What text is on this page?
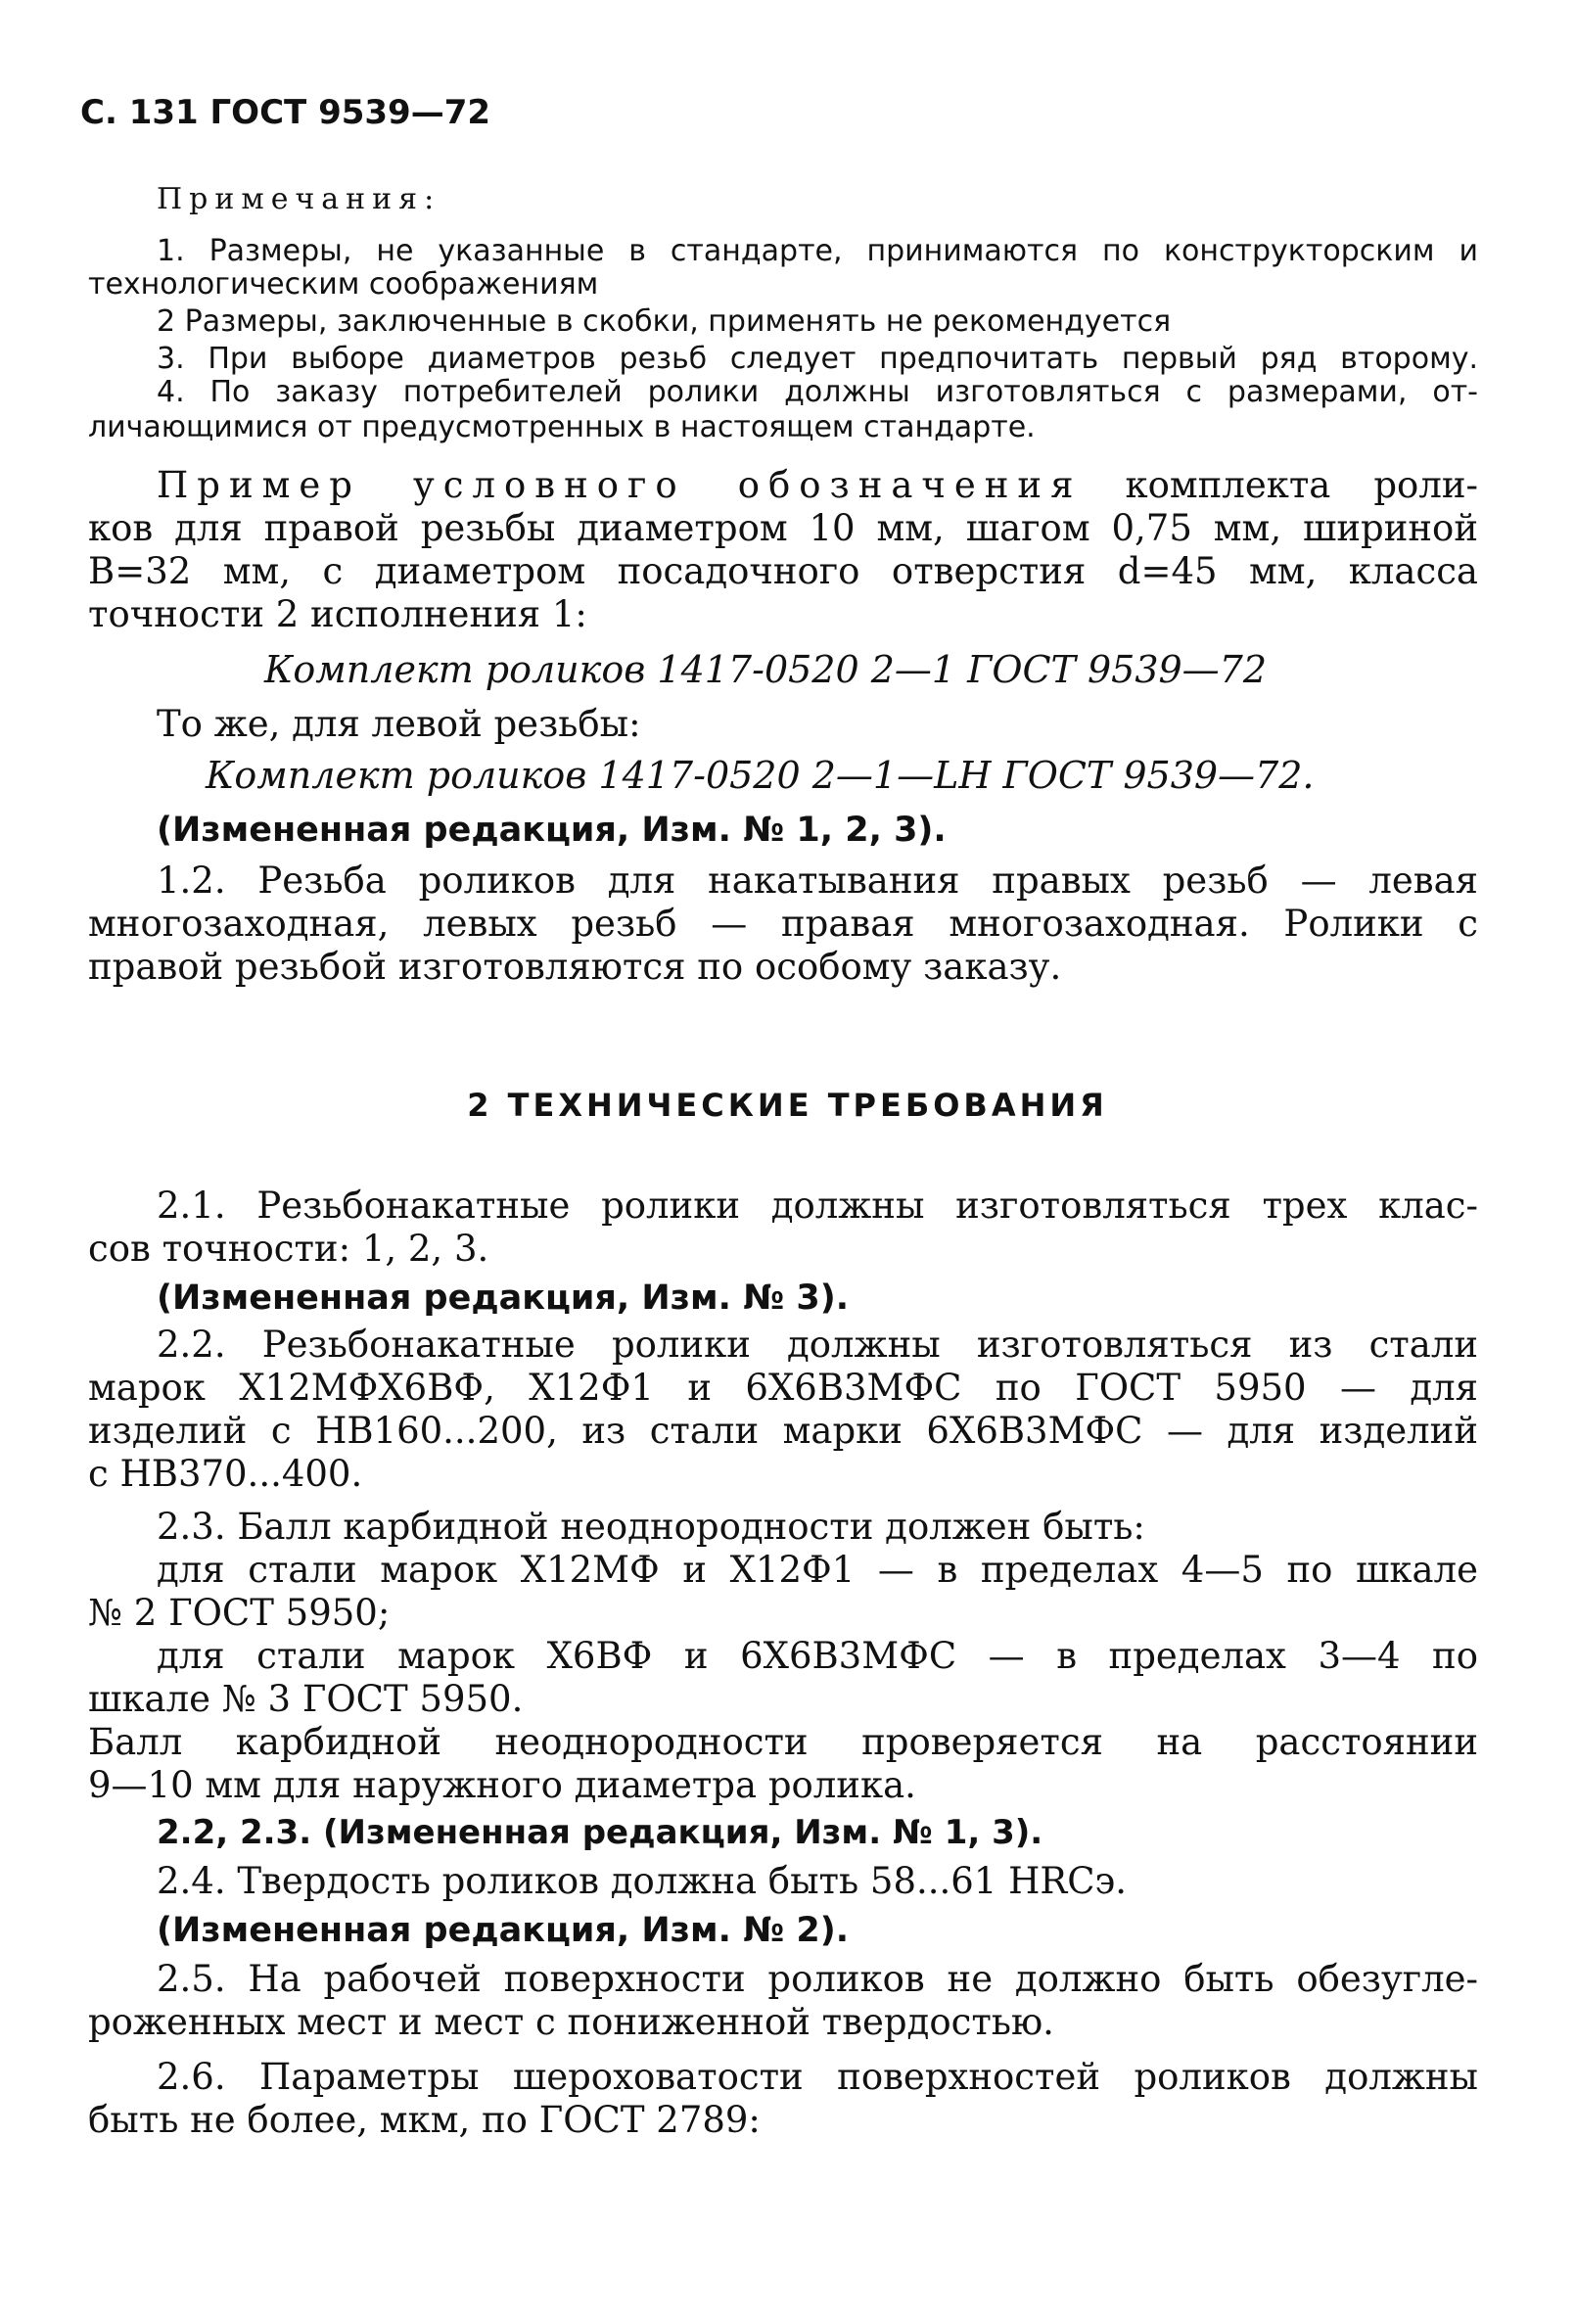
С. 131 ГОСТ 9539—72
Примечания:
1. Размеры, не указанные в стандарте, принимаются по конструкторским и
технологическим соображениям
2 Размеры, заключенные в скобки, применять не рекомендуется
3. При выборе диаметров резьб следует предпочитать первый ряд второму.
4. По заказу потребителей ролики должны изготовляться с размерами, от-
личающимися от предусмотренных в настоящем стандарте.
Пример условного обозначения комплекта роли-
ков для правой резьбы диаметром 10 мм, шагом 0,75 мм, шириной
B=32 мм, с диаметром посадочного отверстия d=45 мм, класса
точности 2 исполнения 1:
Комплект роликов 1417-0520 2—1 ГОСТ 9539—72
То же, для левой резьбы:
Комплект роликов 1417-0520 2—1—LH ГОСТ 9539—72.
(Измененная редакция, Изм. № 1, 2, 3).
1.2. Резьба роликов для накатывания правых резьб — левая
многозаходная, левых резьб — правая многозаходная. Ролики с
правой резьбой изготовляются по особому заказу.
2 ТЕХНИЧЕСКИЕ ТРЕБОВАНИЯ
2.1. Резьбонакатные ролики должны изготовляться трех клас-
сов точности: 1, 2, 3.
(Измененная редакция, Изм. № 3).
2.2. Резьбонакатные ролики должны изготовляться из стали
марок Х12МФХ6ВФ, Х12Ф1 и 6Х6В3МФС по ГОСТ 5950 — для
изделий с НВ160...200, из стали марки 6Х6В3МФС — для изделий
с НВ370...400.
2.3. Балл карбидной неоднородности должен быть:
для стали марок Х12МФ и Х12Ф1 — в пределах 4—5 по шкале
№ 2 ГОСТ 5950;
для стали марок Х6ВФ и 6Х6В3МФС — в пределах 3—4 по
шкале № 3 ГОСТ 5950.
Балл карбидной неоднородности проверяется на расстоянии
9—10 мм для наружного диаметра ролика.
2.2, 2.3. (Измененная редакция, Изм. № 1, 3).
2.4. Твердость роликов должна быть 58...61 HRCэ.
(Измененная редакция, Изм. № 2).
2.5. На рабочей поверхности роликов не должно быть обезугле-
роженных мест и мест с пониженной твердостью.
2.6. Параметры шероховатости поверхностей роликов должны
быть не более, мкм, по ГОСТ 2789:
